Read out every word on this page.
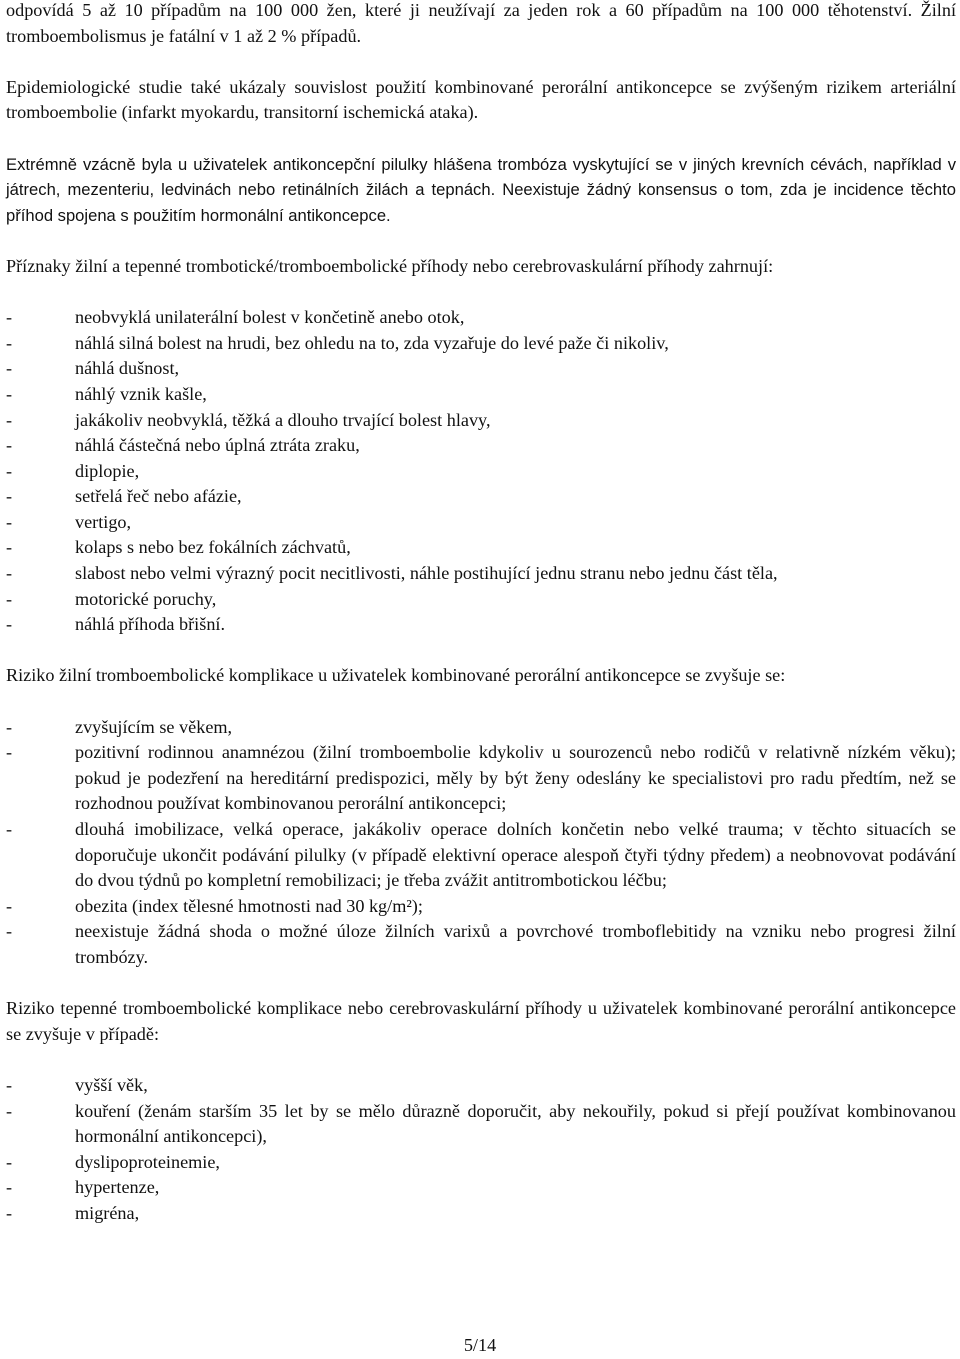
odpovídá 5 až 10 případům na 100 000 žen, které ji neužívají za jeden rok a 60 případům na 100 000 těhotenství. Žilní tromboembolismus je fatální v 1 až 2 % případů.

Epidemiologické studie také ukázaly souvislost použití kombinované perorální antikoncepce se zvýšeným rizikem arteriální tromboembolie (infarkt myokardu, transitorní ischemická ataka).

Extrémně vzácně byla u uživatelek antikoncepční pilulky hlášena trombóza vyskytující se v jiných krevních cévách, například v játrech, mezenteriu, ledvinách nebo retinálních žilách a tepnách. Neexistuje žádný konsensus o tom, zda je incidence těchto příhod spojena s použitím hormonální antikoncepce.

Příznaky žilní a tepenné trombotické/tromboembolické příhody nebo cerebrovaskulární příhody zahrnují:

- neobvyklá unilaterální bolest v končetině anebo otok,
- náhlá silná bolest na hrudi, bez ohledu na to, zda vyzařuje do levé paže či nikoliv,
- náhlá dušnost,
- náhlý vznik kašle,
- jakákoliv neobvyklá, těžká a dlouho trvající bolest hlavy,
- náhlá částečná nebo úplná ztráta zraku,
- diplopie,
- setřelá řeč nebo afázie,
- vertigo,
- kolaps s nebo bez fokálních záchvatů,
- slabost nebo velmi výrazný pocit necitlivosti, náhle postihující jednu stranu nebo jednu část těla,
- motorické poruchy,
- náhlá příhoda břišní.

Riziko žilní tromboembolické komplikace u uživatelek kombinované perorální antikoncepce se zvyšuje se:

- zvyšujícím se věkem,
- pozitivní rodinnou anamnézou (žilní tromboembolie kdykoliv u sourozenců nebo rodičů v relativně nízkém věku); pokud je podezření na hereditární predispozici, měly by být ženy odeslány ke specialistovi pro radu předtím, než se rozhodnou používat kombinovanou perorální antikoncepci;
- dlouhá imobilizace, velká operace, jakákoliv operace dolních končetin nebo velké trauma; v těchto situacích se doporučuje ukončit podávání pilulky (v případě elektivní operace alespoň čtyři týdny předem) a neobnovovat podávání do dvou týdnů po kompletní remobilizaci; je třeba zvážit antitrombotickou léčbu;
- obezita (index tělesné hmotnosti nad 30 kg/m²);
- neexistuje žádná shoda o možné úloze žilních varixů a povrchové tromboflebitidy na vzniku nebo progresi žilní trombózy.

Riziko tepenné tromboembolické komplikace nebo cerebrovaskulární příhody u uživatelek kombinované perorální antikoncepce se zvyšuje v případě:

- vyšší věk,
- kouření (ženám starším 35 let by se mělo důrazně doporučit, aby nekouřily, pokud si přejí používat kombinovanou hormonální antikoncepci),
- dyslipoproteinemie,
- hypertenze,
- migréna,
5/14
